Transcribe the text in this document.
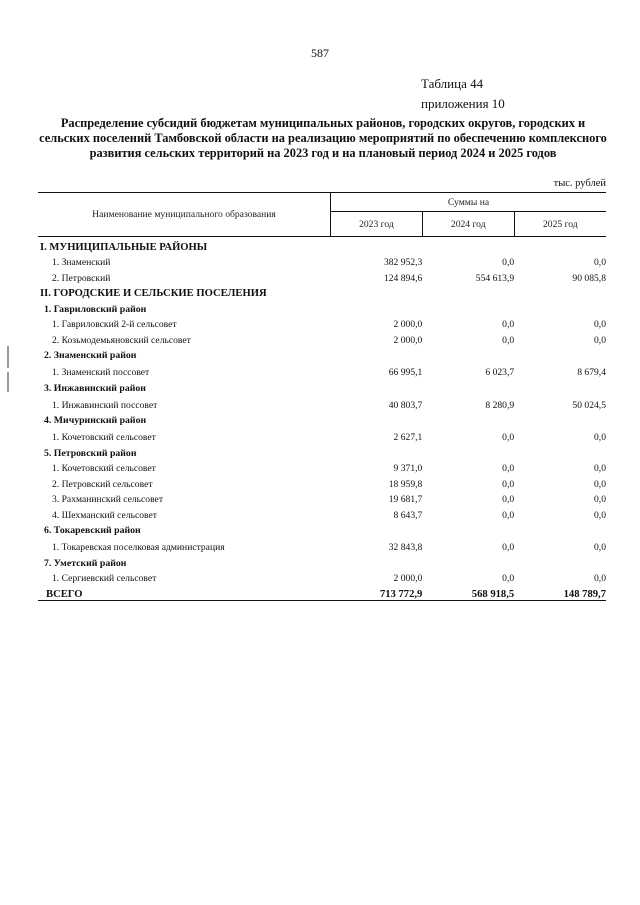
587
Таблица 44
приложения 10
Распределение субсидий бюджетам муниципальных районов, городских округов, городских и сельских поселений Тамбовской области на реализацию мероприятий по обеспечению комплексного развития сельских территорий на 2023 год и на плановый период 2024 и 2025 годов
тыс. рублей
Наименование муниципального образования	Суммы на		
	2023 год	2024 год	2025 год
I. МУНИЦИПАЛЬНЫЕ РАЙОНЫ			
1. Знаменский	382 952,3	0,0	0,0
2. Петровский	124 894,6	554 613,9	90 085,8
II. ГОРОДСКИЕ И СЕЛЬСКИЕ ПОСЕЛЕНИЯ			
1. Гавриловский район			
1. Гавриловский 2-й сельсовет	2 000,0	0,0	0,0
2. Козьмодемьяновский сельсовет	2 000,0	0,0	0,0
2. Знаменский район			
1. Знаменский поссовет	66 995,1	6 023,7	8 679,4
3. Инжавинский район			
1. Инжавинский поссовет	40 803,7	8 280,9	50 024,5
4. Мичуринский район			
1. Кочетовский сельсовет	2 627,1	0,0	0,0
5. Петровский район			
1. Кочетовский сельсовет	9 371,0	0,0	0,0
2. Петровский сельсовет	18 959,8	0,0	0,0
3. Рахманинский сельсовет	19 681,7	0,0	0,0
4. Шехманский сельсовет	8 643,7	0,0	0,0
6. Токаревский район			
1. Токаревская поселковая администрация	32 843,8	0,0	0,0
7. Уметский район			
1. Сергиевский сельсовет	2 000,0	0,0	0,0
ВСЕГО	713 772,9	568 918,5	148 789,7
